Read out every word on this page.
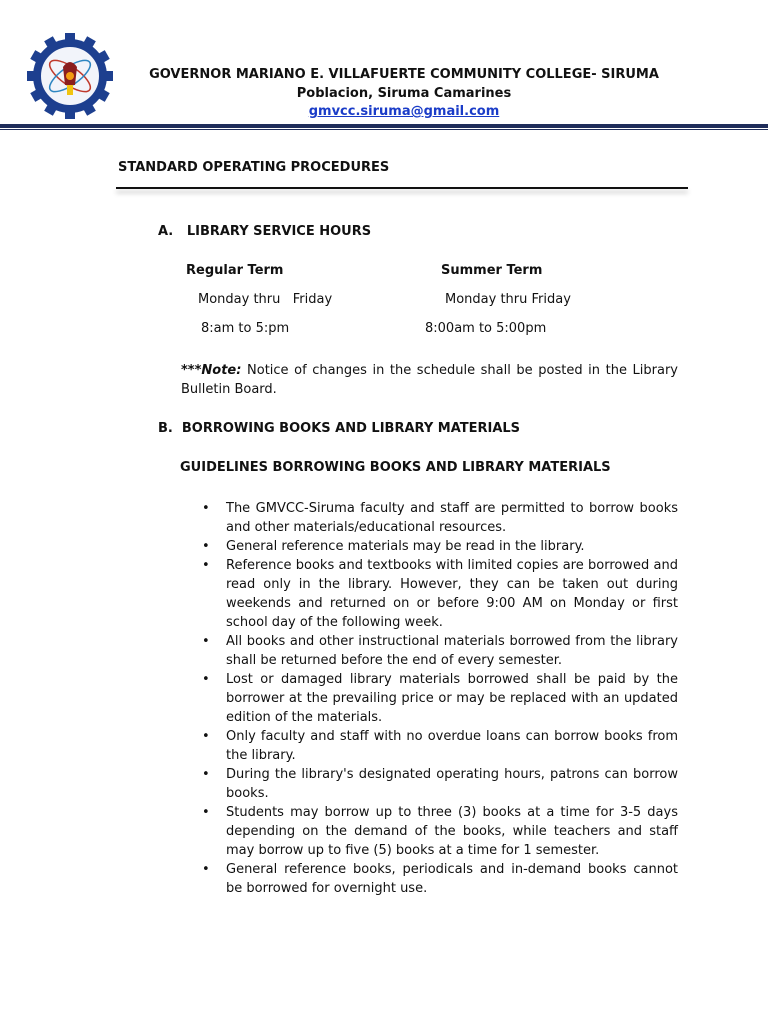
GOVERNOR MARIANO E. VILLAFUERTE COMMUNITY COLLEGE- SIRUMA
Poblacion, Siruma Camarines
gmvcc.siruma@gmail.com
STANDARD OPERATING PROCEDURES
A.   LIBRARY SERVICE HOURS
Regular Term	Summer Term
Monday thru   Friday	Monday thru Friday
8:am to 5:pm	8:00am to 5:00pm
***Note: Notice of changes in the schedule shall be posted in the Library Bulletin Board.
B.  BORROWING BOOKS AND LIBRARY MATERIALS
GUIDELINES BORROWING BOOKS AND LIBRARY MATERIALS
• The GMVCC-Siruma faculty and staff are permitted to borrow books and other materials/educational resources.
• General reference materials may be read in the library.
• Reference books and textbooks with limited copies are borrowed and read only in the library. However, they can be taken out during weekends and returned on or before 9:00 AM on Monday or first school day of the following week.
• All books and other instructional materials borrowed from the library shall be returned before the end of every semester.
• Lost or damaged library materials borrowed shall be paid by the borrower at the prevailing price or may be replaced with an updated edition of the materials.
• Only faculty and staff with no overdue loans can borrow books from the library.
• During the library's designated operating hours, patrons can borrow books.
• Students may borrow up to three (3) books at a time for 3-5 days depending on the demand of the books, while teachers and staff may borrow up to five (5) books at a time for 1 semester.
• General reference books, periodicals and in-demand books cannot be borrowed for overnight use.
